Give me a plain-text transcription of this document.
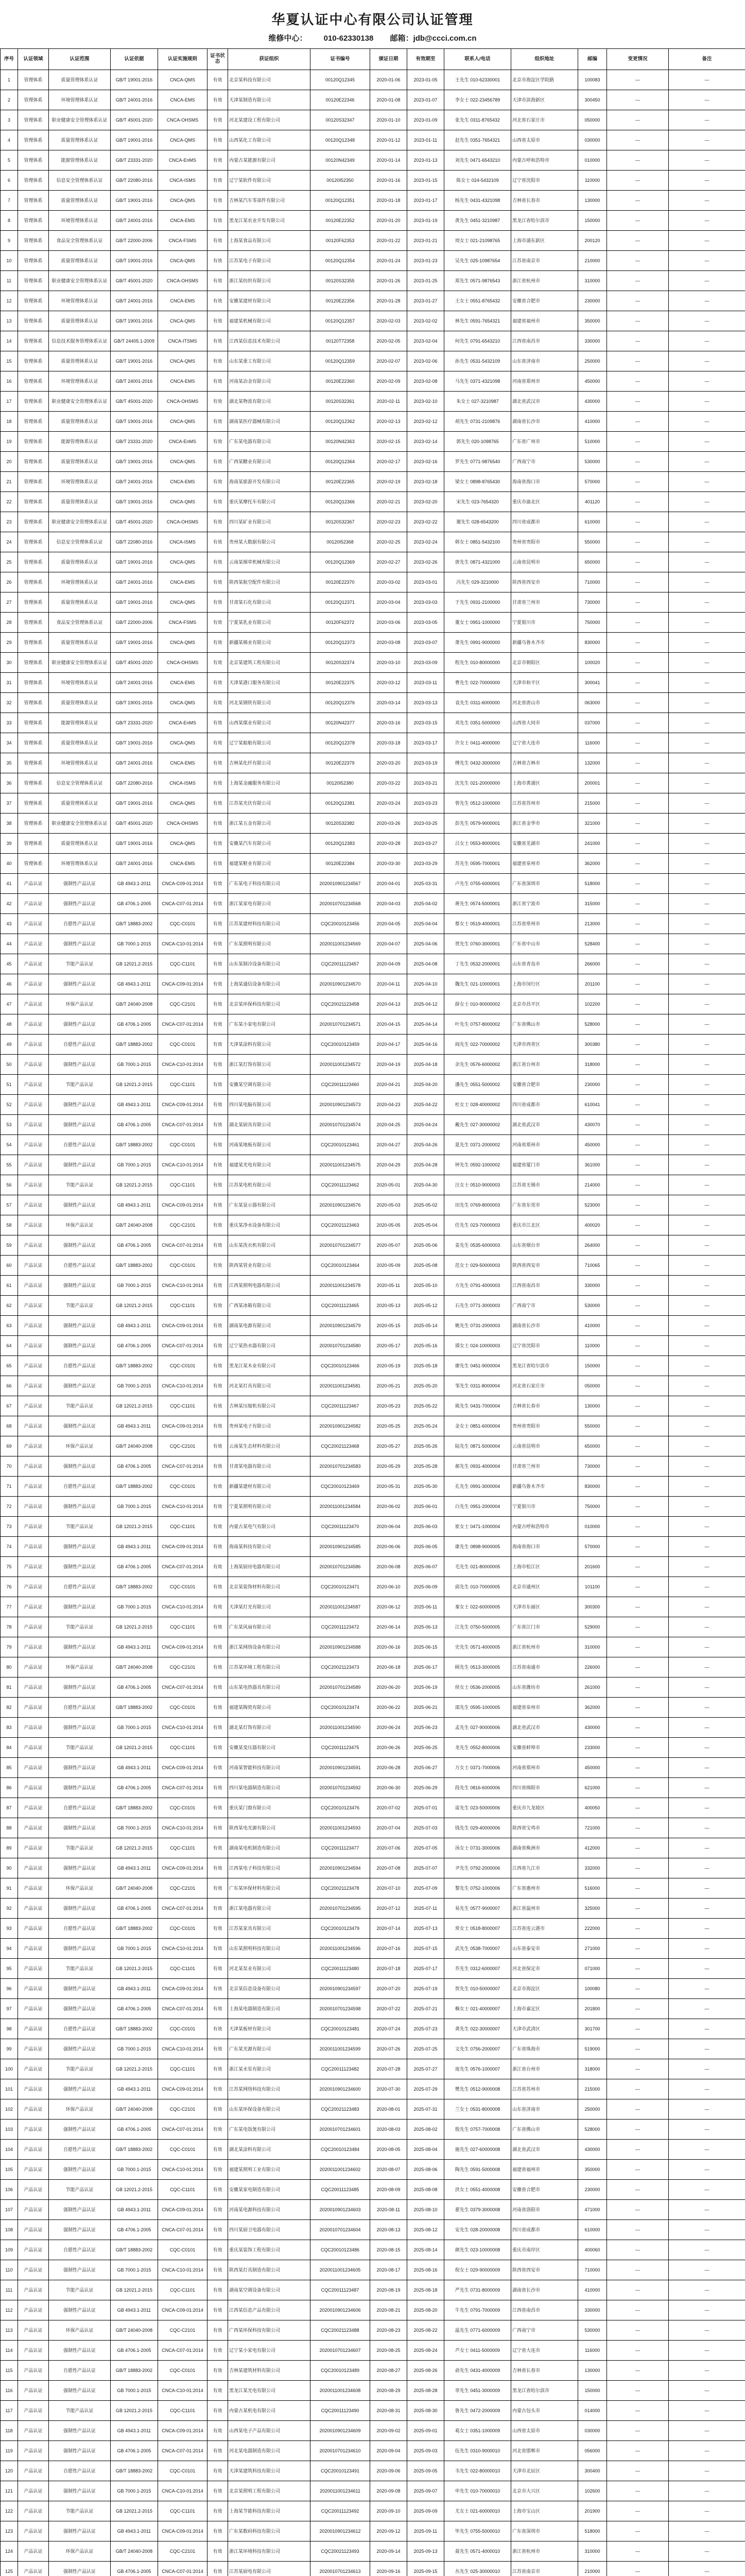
华夏认证中心有限公司认证管理
维修中心： 010-62330138 邮箱：jdb@ccci.com.cn
序号	认证领域	认证范围	认证依据	认证实施规则	证书状态	获证组织	证书编号	颁证日期	有效期至	联系人/电话	组织地址	邮编	变更情况	备注
1	管理体系	质量管理体系认证	GB/T 19001-2016	CNCA-QMS	有效	北京某科技有限公司	00120Q12345	2020-01-06	2023-01-05	王先生 010-62330001	北京市海淀区学院路	100083	—	—
2	管理体系	环境管理体系认证	GB/T 24001-2016	CNCA-EMS	有效	天津某制造有限公司	00120E22346	2020-01-08	2023-01-07	李女士 022-23456789	天津市滨海新区	300450	—	—
3	管理体系	职业健康安全管理体系认证	GB/T 45001-2020	CNCA-OHSMS	有效	河北某建设工程有限公司	00120S32347	2020-01-10	2023-01-09	张先生 0311-8765432	河北省石家庄市	050000	—	—
4	管理体系	质量管理体系认证	GB/T 19001-2016	CNCA-QMS	有效	山西某化工有限公司	00120Q12348	2020-01-12	2023-01-11	赵先生 0351-7654321	山西省太原市	030000	—	—
5	管理体系	能源管理体系认证	GB/T 23331-2020	CNCA-EnMS	有效	内蒙古某能源有限公司	00120N42349	2020-01-14	2023-01-13	刘先生 0471-6543210	内蒙古呼和浩特市	010000	—	—
6	管理体系	信息安全管理体系认证	GB/T 22080-2016	CNCA-ISMS	有效	辽宁某软件有限公司	00120I52350	2020-01-16	2023-01-15	陈女士 024-5432109	辽宁省沈阳市	110000	—	—
7	管理体系	质量管理体系认证	GB/T 19001-2016	CNCA-QMS	有效	吉林某汽车零部件有限公司	00120Q12351	2020-01-18	2023-01-17	杨先生 0431-4321098	吉林省长春市	130000	—	—
8	管理体系	环境管理体系认证	GB/T 24001-2016	CNCA-EMS	有效	黑龙江某农业开发有限公司	00120E22352	2020-01-20	2023-01-19	黄先生 0451-3210987	黑龙江省哈尔滨市	150000	—	—
9	管理体系	食品安全管理体系认证	GB/T 22000-2006	CNCA-FSMS	有效	上海某食品有限公司	00120F62353	2020-01-22	2023-01-21	周女士 021-21098765	上海市浦东新区	200120	—	—
10	管理体系	质量管理体系认证	GB/T 19001-2016	CNCA-QMS	有效	江苏某电子有限公司	00120Q12354	2020-01-24	2023-01-23	吴先生 025-10987654	江苏省南京市	210000	—	—
11	管理体系	职业健康安全管理体系认证	GB/T 45001-2020	CNCA-OHSMS	有效	浙江某纺织有限公司	00120S32355	2020-01-26	2023-01-25	郑先生 0571-9876543	浙江省杭州市	310000	—	—
12	管理体系	环境管理体系认证	GB/T 24001-2016	CNCA-EMS	有效	安徽某建材有限公司	00120E22356	2020-01-28	2023-01-27	王女士 0551-8765432	安徽省合肥市	230000	—	—
13	管理体系	质量管理体系认证	GB/T 19001-2016	CNCA-QMS	有效	福建某机械有限公司	00120Q12357	2020-02-03	2023-02-02	林先生 0591-7654321	福建省福州市	350000	—	—
14	管理体系	信息技术服务管理体系认证	GB/T 24405.1-2009	CNCA-ITSMS	有效	江西某信息技术有限公司	00120T72358	2020-02-05	2023-02-04	何先生 0791-6543210	江西省南昌市	330000	—	—
15	管理体系	质量管理体系认证	GB/T 19001-2016	CNCA-QMS	有效	山东某重工有限公司	00120Q12359	2020-02-07	2023-02-06	孙先生 0531-5432109	山东省济南市	250000	—	—
16	管理体系	环境管理体系认证	GB/T 24001-2016	CNCA-EMS	有效	河南某冶金有限公司	00120E22360	2020-02-09	2023-02-08	马先生 0371-4321098	河南省郑州市	450000	—	—
17	管理体系	职业健康安全管理体系认证	GB/T 45001-2020	CNCA-OHSMS	有效	湖北某物流有限公司	00120S32361	2020-02-11	2023-02-10	朱女士 027-3210987	湖北省武汉市	430000	—	—
18	管理体系	质量管理体系认证	GB/T 19001-2016	CNCA-QMS	有效	湖南某医疗器械有限公司	00120Q12362	2020-02-13	2023-02-12	胡先生 0731-2109876	湖南省长沙市	410000	—	—
19	管理体系	能源管理体系认证	GB/T 23331-2020	CNCA-EnMS	有效	广东某电器有限公司	00120N42363	2020-02-15	2023-02-14	郭先生 020-1098765	广东省广州市	510000	—	—
20	管理体系	质量管理体系认证	GB/T 19001-2016	CNCA-QMS	有效	广西某糖业有限公司	00120Q12364	2020-02-17	2023-02-16	罗先生 0771-9876540	广西南宁市	530000	—	—
21	管理体系	环境管理体系认证	GB/T 24001-2016	CNCA-EMS	有效	海南某旅游开发有限公司	00120E22365	2020-02-19	2023-02-18	梁女士 0898-8765430	海南省海口市	570000	—	—
22	管理体系	质量管理体系认证	GB/T 19001-2016	CNCA-QMS	有效	重庆某摩托车有限公司	00120Q12366	2020-02-21	2023-02-20	宋先生 023-7654320	重庆市渝北区	401120	—	—
23	管理体系	职业健康安全管理体系认证	GB/T 45001-2020	CNCA-OHSMS	有效	四川某矿业有限公司	00120S32367	2020-02-23	2023-02-22	谢先生 028-6543200	四川省成都市	610000	—	—
24	管理体系	信息安全管理体系认证	GB/T 22080-2016	CNCA-ISMS	有效	贵州某大数据有限公司	00120I52368	2020-02-25	2023-02-24	韩女士 0851-5432100	贵州省贵阳市	550000	—	—
25	管理体系	质量管理体系认证	GB/T 19001-2016	CNCA-QMS	有效	云南某烟草机械有限公司	00120Q12369	2020-02-27	2023-02-26	唐先生 0871-4321000	云南省昆明市	650000	—	—
26	管理体系	环境管理体系认证	GB/T 24001-2016	CNCA-EMS	有效	陕西某航空配件有限公司	00120E22370	2020-03-02	2023-03-01	冯先生 029-3210000	陕西省西安市	710000	—	—
27	管理体系	质量管理体系认证	GB/T 19001-2016	CNCA-QMS	有效	甘肃某石化有限公司	00120Q12371	2020-03-04	2023-03-03	于先生 0931-2100000	甘肃省兰州市	730000	—	—
28	管理体系	食品安全管理体系认证	GB/T 22000-2006	CNCA-FSMS	有效	宁夏某乳业有限公司	00120F62372	2020-03-06	2023-03-05	董女士 0951-1000000	宁夏银川市	750000	—	—
29	管理体系	质量管理体系认证	GB/T 19001-2016	CNCA-QMS	有效	新疆某棉业有限公司	00120Q12373	2020-03-08	2023-03-07	萧先生 0991-9000000	新疆乌鲁木齐市	830000	—	—
30	管理体系	职业健康安全管理体系认证	GB/T 45001-2020	CNCA-OHSMS	有效	北京某建筑工程有限公司	00120S32374	2020-03-10	2023-03-09	程先生 010-80000000	北京市朝阳区	100020	—	—
31	管理体系	环境管理体系认证	GB/T 24001-2016	CNCA-EMS	有效	天津某港口服务有限公司	00120E22375	2020-03-12	2023-03-11	曹先生 022-70000000	天津市和平区	300041	—	—
32	管理体系	质量管理体系认证	GB/T 19001-2016	CNCA-QMS	有效	河北某钢铁有限公司	00120Q12376	2020-03-14	2023-03-13	袁先生 0311-6000000	河北省唐山市	063000	—	—
33	管理体系	能源管理体系认证	GB/T 23331-2020	CNCA-EnMS	有效	山西某煤业有限公司	00120N42377	2020-03-16	2023-03-15	邓先生 0351-5000000	山西省大同市	037000	—	—
34	管理体系	质量管理体系认证	GB/T 19001-2016	CNCA-QMS	有效	辽宁某船舶有限公司	00120Q12378	2020-03-18	2023-03-17	许女士 0411-4000000	辽宁省大连市	116000	—	—
35	管理体系	环境管理体系认证	GB/T 24001-2016	CNCA-EMS	有效	吉林某化纤有限公司	00120E22379	2020-03-20	2023-03-19	傅先生 0432-3000000	吉林省吉林市	132000	—	—
36	管理体系	信息安全管理体系认证	GB/T 22080-2016	CNCA-ISMS	有效	上海某金融服务有限公司	00120I52380	2020-03-22	2023-03-21	沈先生 021-20000000	上海市黄浦区	200001	—	—
37	管理体系	质量管理体系认证	GB/T 19001-2016	CNCA-QMS	有效	江苏某光伏有限公司	00120Q12381	2020-03-24	2023-03-23	曾先生 0512-1000000	江苏省苏州市	215000	—	—
38	管理体系	职业健康安全管理体系认证	GB/T 45001-2020	CNCA-OHSMS	有效	浙江某五金有限公司	00120S32382	2020-03-26	2023-03-25	彭先生 0579-9000001	浙江省金华市	321000	—	—
39	管理体系	质量管理体系认证	GB/T 19001-2016	CNCA-QMS	有效	安徽某汽车有限公司	00120Q12383	2020-03-28	2023-03-27	吕女士 0553-8000001	安徽省芜湖市	241000	—	—
40	管理体系	环境管理体系认证	GB/T 24001-2016	CNCA-EMS	有效	福建某鞋业有限公司	00120E22384	2020-03-30	2023-03-29	苏先生 0595-7000001	福建省泉州市	362000	—	—
41	产品认证	强制性产品认证	GB 4943.1-2011	CNCA-C09-01:2014	有效	广东某电子科技有限公司	2020010901234567	2020-04-01	2025-03-31	卢先生 0755-6000001	广东省深圳市	518000	—	—
42	产品认证	强制性产品认证	GB 4706.1-2005	CNCA-C07-01:2014	有效	浙江某家电有限公司	2020010701234568	2020-04-03	2025-04-02	蒋先生 0574-5000001	浙江省宁波市	315000	—	—
43	产品认证	自愿性产品认证	GB/T 18883-2002	CQC-C0101	有效	江苏某建材科技有限公司	CQC20010123456	2020-04-05	2025-04-04	蔡女士 0519-4000001	江苏省常州市	213000	—	—
44	产品认证	强制性产品认证	GB 7000.1-2015	CNCA-C10-01:2014	有效	广东某照明有限公司	2020011001234569	2020-04-07	2025-04-06	贾先生 0760-3000001	广东省中山市	528400	—	—
45	产品认证	节能产品认证	GB 12021.2-2015	CQC-C1101	有效	山东某制冷设备有限公司	CQC20011123457	2020-04-09	2025-04-08	丁先生 0532-2000001	山东省青岛市	266000	—	—
46	产品认证	强制性产品认证	GB 4943.1-2011	CNCA-C09-01:2014	有效	上海某通信设备有限公司	2020010901234570	2020-04-11	2025-04-10	魏先生 021-10000001	上海市闵行区	201100	—	—
47	产品认证	环保产品认证	GB/T 24040-2008	CQC-C2101	有效	北京某环保科技有限公司	CQC20021123458	2020-04-13	2025-04-12	薛女士 010-90000002	北京市昌平区	102200	—	—
48	产品认证	强制性产品认证	GB 4706.1-2005	CNCA-C07-01:2014	有效	广东某小家电有限公司	2020010701234571	2020-04-15	2025-04-14	叶先生 0757-8000002	广东省佛山市	528000	—	—
49	产品认证	自愿性产品认证	GB/T 18883-2002	CQC-C0101	有效	天津某涂料有限公司	CQC20010123459	2020-04-17	2025-04-16	阎先生 022-70000002	天津市西青区	300380	—	—
50	产品认证	强制性产品认证	GB 7000.1-2015	CNCA-C10-01:2014	有效	浙江某灯饰有限公司	2020011001234572	2020-04-19	2025-04-18	余先生 0576-6000002	浙江省台州市	318000	—	—
51	产品认证	节能产品认证	GB 12021.2-2015	CQC-C1101	有效	安徽某空调有限公司	CQC20011123460	2020-04-21	2025-04-20	潘先生 0551-5000002	安徽省合肥市	230000	—	—
52	产品认证	强制性产品认证	GB 4943.1-2011	CNCA-C09-01:2014	有效	四川某电脑有限公司	2020010901234573	2020-04-23	2025-04-22	杜女士 028-40000002	四川省成都市	610041	—	—
53	产品认证	强制性产品认证	GB 4706.1-2005	CNCA-C07-01:2014	有效	湖北某厨具有限公司	2020010701234574	2020-04-25	2025-04-24	戴先生 027-30000002	湖北省武汉市	430070	—	—
54	产品认证	自愿性产品认证	GB/T 18883-2002	CQC-C0101	有效	河南某地板有限公司	CQC20010123461	2020-04-27	2025-04-26	夏先生 0371-2000002	河南省郑州市	450000	—	—
55	产品认证	强制性产品认证	GB 7000.1-2015	CNCA-C10-01:2014	有效	福建某光电有限公司	2020011001234575	2020-04-29	2025-04-28	钟先生 0592-1000002	福建省厦门市	361000	—	—
56	产品认证	节能产品认证	GB 12021.2-2015	CQC-C1101	有效	江苏某电机有限公司	CQC20011123462	2020-05-01	2025-04-30	汪女士 0510-9000003	江苏省无锡市	214000	—	—
57	产品认证	强制性产品认证	GB 4943.1-2011	CNCA-C09-01:2014	有效	广东某显示器有限公司	2020010901234576	2020-05-03	2025-05-02	田先生 0769-8000003	广东省东莞市	523000	—	—
58	产品认证	环保产品认证	GB/T 24040-2008	CQC-C2101	有效	重庆某净水设备有限公司	CQC20021123463	2020-05-05	2025-05-04	任先生 023-70000003	重庆市江北区	400020	—	—
59	产品认证	强制性产品认证	GB 4706.1-2005	CNCA-C07-01:2014	有效	山东某洗衣机有限公司	2020010701234577	2020-05-07	2025-05-06	姜先生 0535-6000003	山东省烟台市	264000	—	—
60	产品认证	自愿性产品认证	GB/T 18883-2002	CQC-C0101	有效	陕西某管业有限公司	CQC20010123464	2020-05-09	2025-05-08	范女士 029-50000003	陕西省西安市	710065	—	—
61	产品认证	强制性产品认证	GB 7000.1-2015	CNCA-C10-01:2014	有效	江西某照明电器有限公司	2020011001234578	2020-05-11	2025-05-10	方先生 0791-4000003	江西省南昌市	330000	—	—
62	产品认证	节能产品认证	GB 12021.2-2015	CQC-C1101	有效	广西某冰箱有限公司	CQC20011123465	2020-05-13	2025-05-12	石先生 0771-3000003	广西南宁市	530000	—	—
63	产品认证	强制性产品认证	GB 4943.1-2011	CNCA-C09-01:2014	有效	湖南某电源有限公司	2020010901234579	2020-05-15	2025-05-14	姚先生 0731-2000003	湖南省长沙市	410000	—	—
64	产品认证	强制性产品认证	GB 4706.1-2005	CNCA-C07-01:2014	有效	辽宁某热水器有限公司	2020010701234580	2020-05-17	2025-05-16	谭女士 024-10000003	辽宁省沈阳市	110000	—	—
65	产品认证	自愿性产品认证	GB/T 18883-2002	CQC-C0101	有效	黑龙江某木业有限公司	CQC20010123466	2020-05-19	2025-05-18	廖先生 0451-9000004	黑龙江省哈尔滨市	150000	—	—
66	产品认证	强制性产品认证	GB 7000.1-2015	CNCA-C10-01:2014	有效	河北某灯具有限公司	2020011001234581	2020-05-21	2025-05-20	邹先生 0311-8000004	河北省石家庄市	050000	—	—
67	产品认证	节能产品认证	GB 12021.2-2015	CQC-C1101	有效	吉林某压缩机有限公司	CQC20011123467	2020-05-23	2025-05-22	熊先生 0431-7000004	吉林省长春市	130000	—	—
68	产品认证	强制性产品认证	GB 4943.1-2011	CNCA-C09-01:2014	有效	贵州某电子有限公司	2020010901234582	2020-05-25	2025-05-24	金女士 0851-6000004	贵州省贵阳市	550000	—	—
69	产品认证	环保产品认证	GB/T 24040-2008	CQC-C2101	有效	云南某生态材料有限公司	CQC20021123468	2020-05-27	2025-05-26	陆先生 0871-5000004	云南省昆明市	650000	—	—
70	产品认证	强制性产品认证	GB 4706.1-2005	CNCA-C07-01:2014	有效	甘肃某电器有限公司	2020010701234583	2020-05-29	2025-05-28	郝先生 0931-4000004	甘肃省兰州市	730000	—	—
71	产品认证	自愿性产品认证	GB/T 18883-2002	CQC-C0101	有效	新疆某建材有限公司	CQC20010123469	2020-05-31	2025-05-30	孔先生 0991-3000004	新疆乌鲁木齐市	830000	—	—
72	产品认证	强制性产品认证	GB 7000.1-2015	CNCA-C10-01:2014	有效	宁夏某照明有限公司	2020011001234584	2020-06-02	2025-06-01	白先生 0951-2000004	宁夏银川市	750000	—	—
73	产品认证	节能产品认证	GB 12021.2-2015	CQC-C1101	有效	内蒙古某电气有限公司	CQC20011123470	2020-06-04	2025-06-03	崔女士 0471-1000004	内蒙古呼和浩特市	010000	—	—
74	产品认证	强制性产品认证	GB 4943.1-2011	CNCA-C09-01:2014	有效	海南某科技有限公司	2020010901234585	2020-06-06	2025-06-05	康先生 0898-9000005	海南省海口市	570000	—	—
75	产品认证	强制性产品认证	GB 4706.1-2005	CNCA-C07-01:2014	有效	上海某厨房电器有限公司	2020010701234586	2020-06-08	2025-06-07	毛先生 021-80000005	上海市松江区	201600	—	—
76	产品认证	自愿性产品认证	GB/T 18883-2002	CQC-C0101	有效	北京某装饰材料有限公司	CQC20010123471	2020-06-10	2025-06-09	邱先生 010-70000005	北京市通州区	101100	—	—
77	产品认证	强制性产品认证	GB 7000.1-2015	CNCA-C10-01:2014	有效	天津某灯光有限公司	2020011001234587	2020-06-12	2025-06-11	秦女士 022-60000005	天津市东丽区	300300	—	—
78	产品认证	节能产品认证	GB 12021.2-2015	CQC-C1101	有效	广东某风扇有限公司	CQC20011123472	2020-06-14	2025-06-13	江先生 0750-5000005	广东省江门市	529000	—	—
79	产品认证	强制性产品认证	GB 4943.1-2011	CNCA-C09-01:2014	有效	浙江某网络设备有限公司	2020010901234588	2020-06-16	2025-06-15	史先生 0571-4000005	浙江省杭州市	310000	—	—
80	产品认证	环保产品认证	GB/T 24040-2008	CQC-C2101	有效	江苏某环境工程有限公司	CQC20021123473	2020-06-18	2025-06-17	顾先生 0513-3000005	江苏省南通市	226000	—	—
81	产品认证	强制性产品认证	GB 4706.1-2005	CNCA-C07-01:2014	有效	山东某电热器具有限公司	2020010701234589	2020-06-20	2025-06-19	侯女士 0536-2000005	山东省潍坊市	261000	—	—
82	产品认证	自愿性产品认证	GB/T 18883-2002	CQC-C0101	有效	福建某陶瓷有限公司	CQC20010123474	2020-06-22	2025-06-21	邵先生 0595-1000005	福建省泉州市	362000	—	—
83	产品认证	强制性产品认证	GB 7000.1-2015	CNCA-C10-01:2014	有效	湖北某灯饰有限公司	2020011001234590	2020-06-24	2025-06-23	孟先生 027-90000006	湖北省武汉市	430000	—	—
84	产品认证	节能产品认证	GB 12021.2-2015	CQC-C1101	有效	安徽某变压器有限公司	CQC20011123475	2020-06-26	2025-06-25	龙先生 0552-8000006	安徽省蚌埠市	233000	—	—
85	产品认证	强制性产品认证	GB 4943.1-2011	CNCA-C09-01:2014	有效	河南某智能科技有限公司	2020010901234591	2020-06-28	2025-06-27	万女士 0371-7000006	河南省郑州市	450000	—	—
86	产品认证	强制性产品认证	GB 4706.1-2005	CNCA-C07-01:2014	有效	四川某电器制造有限公司	2020010701234592	2020-06-30	2025-06-29	段先生 0816-6000006	四川省绵阳市	621000	—	—
87	产品认证	自愿性产品认证	GB/T 18883-2002	CQC-C0101	有效	重庆某门窗有限公司	CQC20010123476	2020-07-02	2025-07-01	雷先生 023-50000006	重庆市九龙坡区	400050	—	—
88	产品认证	强制性产品认证	GB 7000.1-2015	CNCA-C10-01:2014	有效	陕西某电光源有限公司	2020011001234593	2020-07-04	2025-07-03	钱先生 029-40000006	陕西省宝鸡市	721000	—	—
89	产品认证	节能产品认证	GB 12021.2-2015	CQC-C1101	有效	湖南某电机制造有限公司	CQC20011123477	2020-07-06	2025-07-05	汤女士 0731-3000006	湖南省株洲市	412000	—	—
90	产品认证	强制性产品认证	GB 4943.1-2011	CNCA-C09-01:2014	有效	江西某电子科技有限公司	2020010901234594	2020-07-08	2025-07-07	尹先生 0792-2000006	江西省九江市	332000	—	—
91	产品认证	环保产品认证	GB/T 24040-2008	CQC-C2101	有效	广东某环保材料有限公司	CQC20021123478	2020-07-10	2025-07-09	黎先生 0752-1000006	广东省惠州市	516000	—	—
92	产品认证	强制性产品认证	GB 4706.1-2005	CNCA-C07-01:2014	有效	浙江某电器有限公司	2020010701234595	2020-07-12	2025-07-11	易先生 0577-9000007	浙江省温州市	325000	—	—
93	产品认证	自愿性产品认证	GB/T 18883-2002	CQC-C0101	有效	江苏某家具有限公司	CQC20010123479	2020-07-14	2025-07-13	常女士 0518-8000007	江苏省连云港市	222000	—	—
94	产品认证	强制性产品认证	GB 7000.1-2015	CNCA-C10-01:2014	有效	山东某照明科技有限公司	2020011001234596	2020-07-16	2025-07-15	武先生 0538-7000007	山东省泰安市	271000	—	—
95	产品认证	节能产品认证	GB 12021.2-2015	CQC-C1101	有效	河北某泵业有限公司	CQC20011123480	2020-07-18	2025-07-17	乔先生 0312-6000007	河北省保定市	071000	—	—
96	产品认证	强制性产品认证	GB 4943.1-2011	CNCA-C09-01:2014	有效	北京某信息设备有限公司	2020010901234597	2020-07-20	2025-07-19	贺先生 010-50000007	北京市海淀区	100080	—	—
97	产品认证	强制性产品认证	GB 4706.1-2005	CNCA-C07-01:2014	有效	上海某电器制造有限公司	2020010701234598	2020-07-22	2025-07-21	赖女士 021-40000007	上海市嘉定区	201800	—	—
98	产品认证	自愿性产品认证	GB/T 18883-2002	CQC-C0101	有效	天津某板材有限公司	CQC20010123481	2020-07-24	2025-07-23	龚先生 022-30000007	天津市武清区	301700	—	—
99	产品认证	强制性产品认证	GB 7000.1-2015	CNCA-C10-01:2014	有效	广东某光源有限公司	2020011001234599	2020-07-26	2025-07-25	文先生 0756-2000007	广东省珠海市	519000	—	—
100	产品认证	节能产品认证	GB 12021.2-2015	CQC-C1101	有效	浙江某水泵有限公司	CQC20011123482	2020-07-28	2025-07-27	庞先生 0576-1000007	浙江省台州市	318000	—	—
101	产品认证	强制性产品认证	GB 4943.1-2011	CNCA-C09-01:2014	有效	江苏某网络科技有限公司	2020010901234600	2020-07-30	2025-07-29	樊先生 0512-9000008	江苏省苏州市	215000	—	—
102	产品认证	环保产品认证	GB/T 24040-2008	CQC-C2101	有效	山东某环保设备有限公司	CQC20021123483	2020-08-01	2025-07-31	兰女士 0531-8000008	山东省济南市	250000	—	—
103	产品认证	强制性产品认证	GB 4706.1-2005	CNCA-C07-01:2014	有效	广东某电饭煲有限公司	2020010701234601	2020-08-03	2025-08-02	殷先生 0757-7000008	广东省佛山市	528000	—	—
104	产品认证	自愿性产品认证	GB/T 18883-2002	CQC-C0101	有效	湖北某涂料有限公司	CQC20010123484	2020-08-05	2025-08-04	施先生 027-60000008	湖北省武汉市	430000	—	—
105	产品认证	强制性产品认证	GB 7000.1-2015	CNCA-C10-01:2014	有效	福建某照明工业有限公司	2020011001234602	2020-08-07	2025-08-06	陶先生 0591-5000008	福建省福州市	350000	—	—
106	产品认证	节能产品认证	GB 12021.2-2015	CQC-C1101	有效	安徽某家电制造有限公司	CQC20011123485	2020-08-09	2025-08-08	洪女士 0551-4000008	安徽省合肥市	230000	—	—
107	产品认证	强制性产品认证	GB 4943.1-2011	CNCA-C09-01:2014	有效	河南某电源科技有限公司	2020010901234603	2020-08-11	2025-08-10	翟先生 0379-3000008	河南省洛阳市	471000	—	—
108	产品认证	强制性产品认证	GB 4706.1-2005	CNCA-C07-01:2014	有效	四川某厨卫电器有限公司	2020010701234604	2020-08-13	2025-08-12	安先生 028-20000008	四川省成都市	610000	—	—
109	产品认证	自愿性产品认证	GB/T 18883-2002	CQC-C0101	有效	重庆某装饰工程有限公司	CQC20010123486	2020-08-15	2025-08-14	颜先生 023-10000008	重庆市南岸区	400060	—	—
110	产品认证	强制性产品认证	GB 7000.1-2015	CNCA-C10-01:2014	有效	陕西某灯具制造有限公司	2020011001234605	2020-08-17	2025-08-16	倪女士 029-90000009	陕西省西安市	710000	—	—
111	产品认证	节能产品认证	GB 12021.2-2015	CQC-C1101	有效	湖南某空调设备有限公司	CQC20011123487	2020-08-19	2025-08-18	严先生 0731-8000009	湖南省长沙市	410000	—	—
112	产品认证	强制性产品认证	GB 4943.1-2011	CNCA-C09-01:2014	有效	江西某信息产品有限公司	2020010901234606	2020-08-21	2025-08-20	牛先生 0791-7000009	江西省南昌市	330000	—	—
113	产品认证	环保产品认证	GB/T 24040-2008	CQC-C2101	有效	广西某环保科技有限公司	CQC20021123488	2020-08-23	2025-08-22	温先生 0771-6000009	广西南宁市	530000	—	—
114	产品认证	强制性产品认证	GB 4706.1-2005	CNCA-C07-01:2014	有效	辽宁某小家电有限公司	2020010701234607	2020-08-25	2025-08-24	芦女士 0411-5000009	辽宁省大连市	116000	—	—
115	产品认证	自愿性产品认证	GB/T 18883-2002	CQC-C0101	有效	吉林某建筑材料有限公司	CQC20010123489	2020-08-27	2025-08-26	俞先生 0431-4000009	吉林省长春市	130000	—	—
116	产品认证	强制性产品认证	GB 7000.1-2015	CNCA-C10-01:2014	有效	黑龙江某光电有限公司	2020011001234608	2020-08-29	2025-08-28	章先生 0451-3000009	黑龙江省哈尔滨市	150000	—	—
117	产品认证	节能产品认证	GB 12021.2-2015	CQC-C1101	有效	内蒙古某机电有限公司	CQC20011123490	2020-08-31	2025-08-30	鲁先生 0472-2000009	内蒙古包头市	014000	—	—
118	产品认证	强制性产品认证	GB 4943.1-2011	CNCA-C09-01:2014	有效	山西某电子产品有限公司	2020010901234609	2020-09-02	2025-09-01	葛女士 0351-1000009	山西省太原市	030000	—	—
119	产品认证	强制性产品认证	GB 4706.1-2005	CNCA-C07-01:2014	有效	河北某电器制造有限公司	2020010701234610	2020-09-04	2025-09-03	伍先生 0310-9000010	河北省邯郸市	056000	—	—
120	产品认证	自愿性产品认证	GB/T 18883-2002	CQC-C0101	有效	天津某建筑科技有限公司	CQC20010123491	2020-09-06	2025-09-05	韦先生 022-80000010	天津市北辰区	300400	—	—
121	产品认证	强制性产品认证	GB 7000.1-2015	CNCA-C10-01:2014	有效	北京某照明工程有限公司	2020011001234611	2020-09-08	2025-09-07	申先生 010-70000010	北京市大兴区	102600	—	—
122	产品认证	节能产品认证	GB 12021.2-2015	CQC-C1101	有效	上海某节能科技有限公司	CQC20011123492	2020-09-10	2025-09-09	尤女士 021-60000010	上海市宝山区	201900	—	—
123	产品认证	强制性产品认证	GB 4943.1-2011	CNCA-C09-01:2014	有效	广东某数码科技有限公司	2020010901234612	2020-09-12	2025-09-11	毕先生 0755-5000010	广东省深圳市	518000	—	—
124	产品认证	环保产品认证	GB/T 24040-2008	CQC-C2101	有效	浙江某环境科技有限公司	CQC20021123493	2020-09-14	2025-09-13	聂先生 0571-4000010	浙江省杭州市	310000	—	—
125	产品认证	强制性产品认证	GB 4706.1-2005	CNCA-C07-01:2014	有效	江苏某厨电有限公司	2020010701234613	2020-09-16	2025-09-15	丛先生 025-30000010	江苏省南京市	210000	—	—
